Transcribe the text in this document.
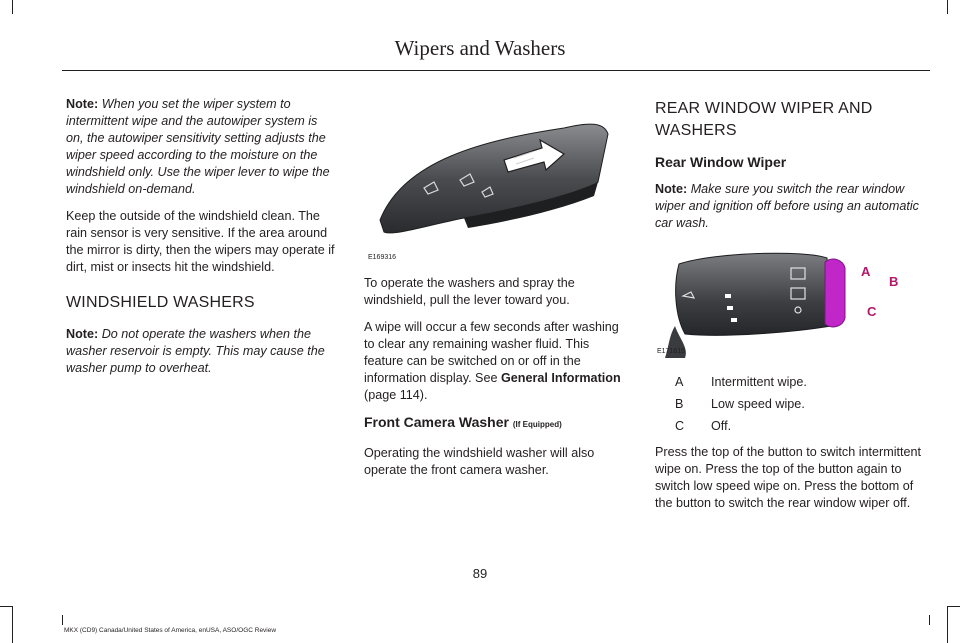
Wipers and Washers

Note: When you set the wiper system to intermittent wipe and the autowiper system is on, the autowiper sensitivity setting adjusts the wiper speed according to the moisture on the windshield only. Use the wiper lever to wipe the windshield on-demand.

Keep the outside of the windshield clean. The rain sensor is very sensitive. If the area around the mirror is dirty, then the wipers may operate if dirt, mist or insects hit the windshield.

WINDSHIELD WASHERS

Note: Do not operate the washers when the washer reservoir is empty. This may cause the washer pump to overheat.

E169316

To operate the washers and spray the windshield, pull the lever toward you.

A wipe will occur a few seconds after washing to clear any remaining washer fluid. This feature can be switched on or off in the information display. See General Information (page 114).

Front Camera Washer (If Equipped)

Operating the windshield washer will also operate the front camera washer.

REAR WINDOW WIPER AND
WASHERS
Rear Window Wiper

Note: Make sure you switch the rear window wiper and ignition off before using an automatic car wash.

A
B
C
E171615
A	Intermittent wipe.
B	Low speed wipe.
C	Off.

Press the top of the button to switch intermittent wipe on. Press the top of the button again to switch low speed wipe on. Press the bottom of the button to switch the rear window wiper off.

89
MKX (CD9) Canada/United States of America, enUSA, ASO/OGC Review
